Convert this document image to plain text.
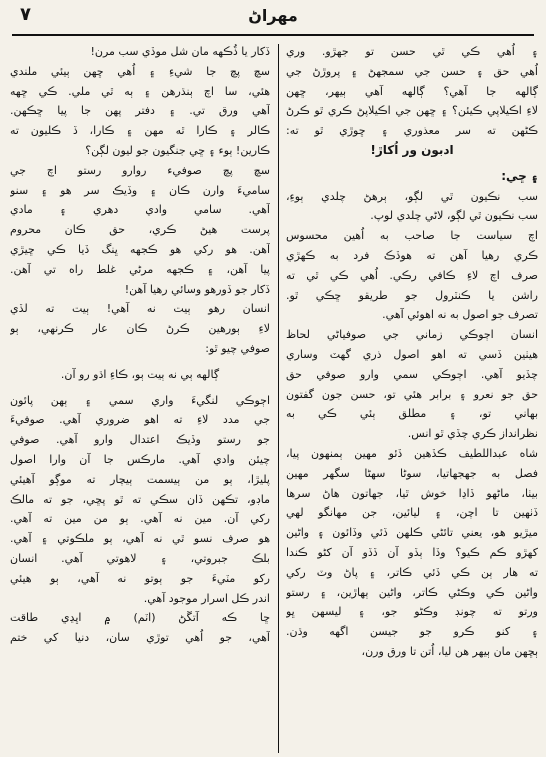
٧	مهراڻ
۽ اُهي ڪي ٿي حسن تو جهڙو. وري
اُهي حق ۽ حسن جي سمجهڻ ۽ پروڙڻ جي
ڳالهه جا آهي؟ ڳالهه آهي ٻيهر، ڇهن
لاءِ اڪيلاپي ڪيئن؟ ۽ ڇهن جي اڪيلاپڻ ڪري ٿو ڪرڻ
ڪڻهن ته سر معذوري ۽ ڇوڙي ٿو ته:
ادبون ور اُکاڙ!
۽ ڇي:
سب نڪيون ٿي لڳو، ٻرهڻ چلدي ٻوءِ،
سب نڪيون ٿي لڳو، لاڻي چلدي لوپ.
اچ سياست جا صاحب به اُهين محسوس
ڪري رهيا آهن ته هوڏڪ فرد به ڪهڙي
صرف اچ لاءِ ڪافي رڪي. اُهي ڪي ٿي ته
راشن يا ڪنٽرول جو طريقو ڇڪي ٿو.
تصرف جو اصول به نه اهوئي آهي.
انسان اڄوڪي زماني جي صوفياڻي لحاظ
هيٺين ڏسي ته اهو اصول ذري گهٽ وساري
چڏيو آهي. اڄوڪي سمي وارو صوفي حق
حق جو نعرو ۽ برابر هئي تو، حسن جون گفتون
بهاني تو، ۽ مطلق ٻئي ڪي به
نظرانداز ڪري چڏي ٿو انس.
شاه عبداللطيف ڪڏهين ڏئو مهين ٻمنهون پيا،
فصل به جهجهاتيا، سوڻا سهڻا سگهر مهين
بيٺا، ماڻهو ڏاڍا خوش ٿيا، جهاتون هاڻ سرها
ڏٺهين تا اچن، ۽ ليائين، جن مهانگو لهي
ميڙيو هو، يعني تائڻي ڪلهن ڏئي وڏائون ۽ واڻين
کهڙو ڪم ڪيو؟ وڏا ٻڏو آن ڏڏو آن کڻو ڪندا
ته هار ٻن ڪي ڏئي ڪاتر، ۽ پاڻ وٽ رکي
واڻين ڪي وڪڻي ڪاتر، واڻين ٻهاڙين، ۽ رستو
ورتو ته چونڊ وڪڻو جو، ۽ ليسهن ڀو
۽ کنو ڪرو جو جيسن اگهه وڌن.
ٻڇهن مان ٻيهر هن ليا، اُتن تا ورق ورن،
ڏکار يا ڏُڪهه مان شل موڏي سب مرن!
سچ پچ جا شيءِ ۽ اُهي ڇهن ٻيئي ملندي
هئي، سا اچ ٻنڌرهن ۽ ٻه ٿي ملي. ڪي ڇهه
آهي ورق تي. ۽ دفتر پهن جا پيا ڇڪهن.
ڪالر ۽ ڪارا ٿه مهن ۽ ڪارا، ڏ ڪليون ته
ڪارين! ٻوء ۽ ڇي جنگيون جو ليون لڳن؟
سچ پچ صوفيء روارو رستو اچ جي
ساميءَ وارن ڪان ۽ وڏيڪ سر هو ۽ سنو
آهي. سامي وادي دهري ۽ مادي
پرست هيڻ ڪري، حق ڪان محروم
آهن. هو رکي هو ڪجهه ڀنگ ڏيا ڪي ڇيڙي
پيا آهن، ۽ ڪجهه مرڻي غلط راه تي آهن.
ڏکار جو ڏورهو وسائي رهيا آهن!
انسان رهو ٻيت نه آهي! ٻيت ته لڏي
لاءِ ٻورهين ڪرڻ ڪان عار ڪرنهي، ٻو
صوفي چيو ٿو:
ڳالهه ٻي نه ٻيت ٻو، ڪاءِ اڌو رو آن.
اڄوڪي لنگيءَ واري سمي ۽ ٻهن پائون
جي مدد لاءِ ته اهو ضروري آهي. صوفيءَ
جو رستو وڏيڪ اعتدال وارو آهي. صوفي
چيئن وادي آهي. مارڪس جا آن وارا اصول
پليڙا، ٻو من ٻيسمت ٻيچار ته موڳو آهيئي
ماڊو، تڪهن ڏان سڪي ته ٿو پڇي، جو ته مالڪ
رکي آن. مين نه آهي. ٻو من مين ته آهي.
هو صرف نسو ٿي نه آهي، ٻو ملڪوتي ۽ آهي.
بلڪ جبروتي، ۽ لاهوتي آهي. انسان
رکو مٽيءَ جو ٻوتو نه آهي، ٻو هيئي
اندر ڪل اسرار موجود آهي.
ڇا ڪه آتڱڻ (اٽم) ۾ اڀڍي طاقت
آهي، جو اُهي توڙي سان، دنيا کي ختم
